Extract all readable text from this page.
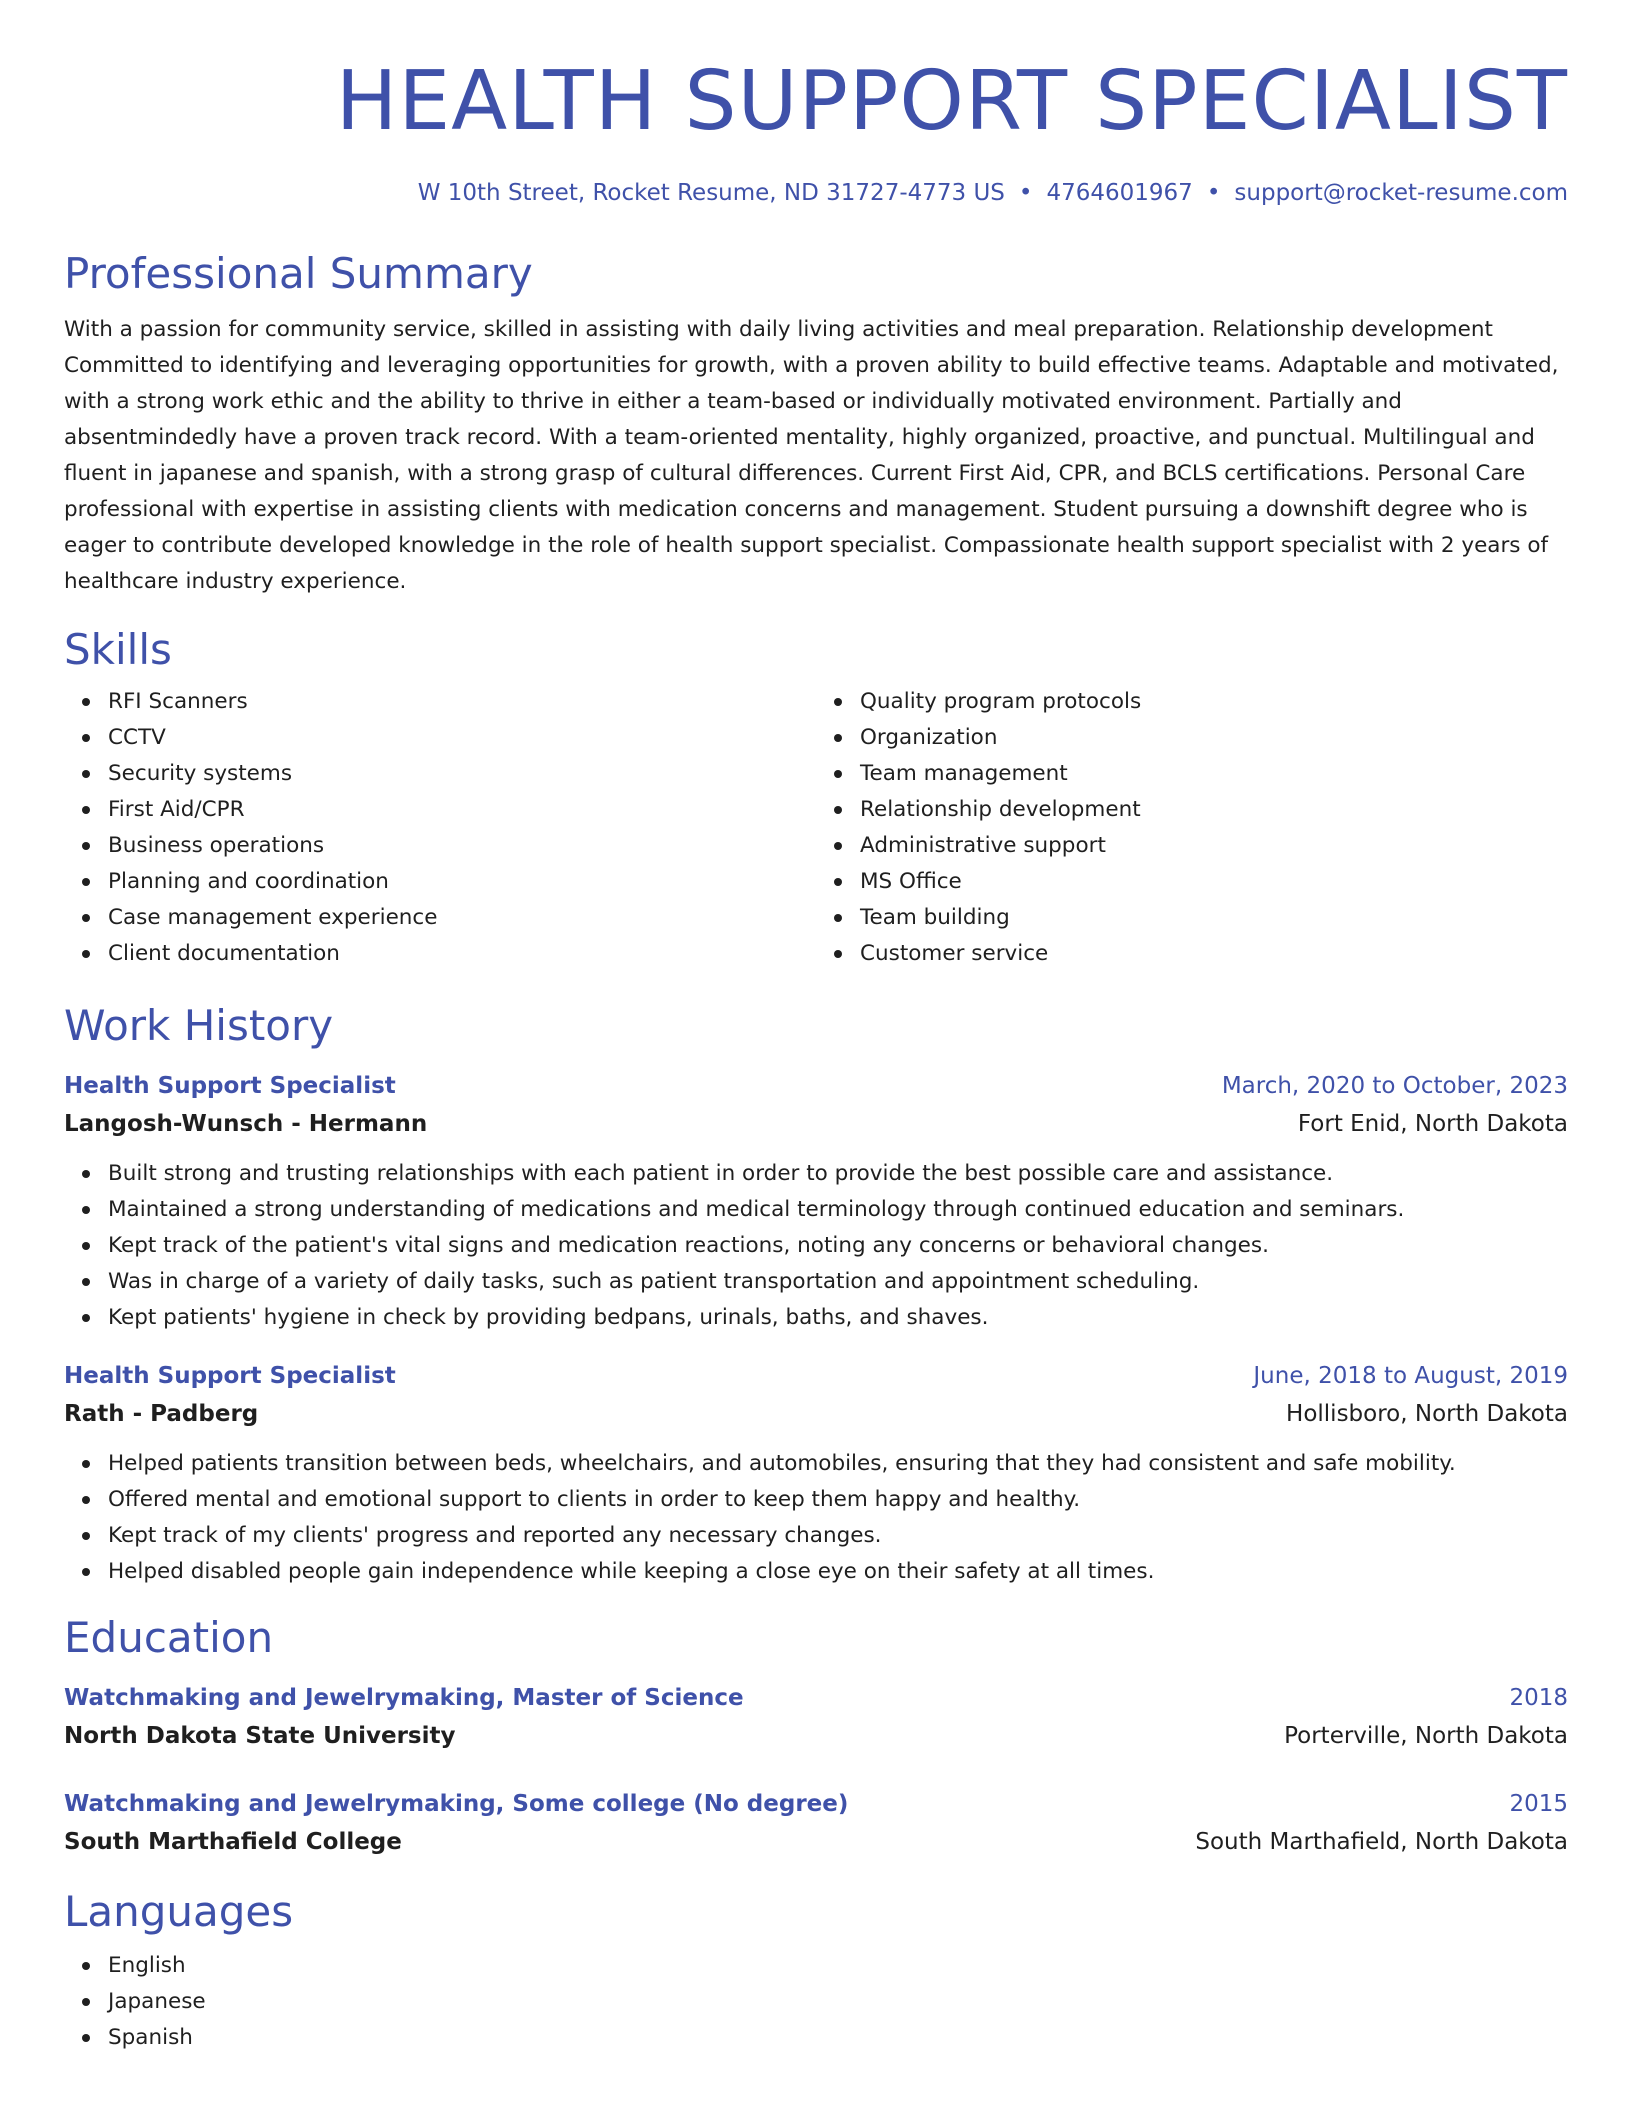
HEALTH SUPPORT SPECIALIST
W 10th Street, Rocket Resume, ND 31727-4773 US • 4764601967 • support@rocket-resume.com
Professional Summary
With a passion for community service, skilled in assisting with daily living activities and meal preparation. Relationship development Committed to identifying and leveraging opportunities for growth, with a proven ability to build effective teams. Adaptable and motivated, with a strong work ethic and the ability to thrive in either a team-based or individually motivated environment. Partially and absentmindedly have a proven track record. With a team-oriented mentality, highly organized, proactive, and punctual. Multilingual and fluent in japanese and spanish, with a strong grasp of cultural differences. Current First Aid, CPR, and BCLS certifications. Personal Care professional with expertise in assisting clients with medication concerns and management. Student pursuing a downshift degree who is eager to contribute developed knowledge in the role of health support specialist. Compassionate health support specialist with 2 years of healthcare industry experience.
Skills
RFI Scanners
CCTV
Security systems
First Aid/CPR
Business operations
Planning and coordination
Case management experience
Client documentation
Quality program protocols
Organization
Team management
Relationship development
Administrative support
MS Office
Team building
Customer service
Work History
Health Support Specialist	March, 2020 to October, 2023
Langosh-Wunsch - Hermann	Fort Enid, North Dakota
Built strong and trusting relationships with each patient in order to provide the best possible care and assistance.
Maintained a strong understanding of medications and medical terminology through continued education and seminars.
Kept track of the patient's vital signs and medication reactions, noting any concerns or behavioral changes.
Was in charge of a variety of daily tasks, such as patient transportation and appointment scheduling.
Kept patients' hygiene in check by providing bedpans, urinals, baths, and shaves.
Health Support Specialist	June, 2018 to August, 2019
Rath - Padberg	Hollisboro, North Dakota
Helped patients transition between beds, wheelchairs, and automobiles, ensuring that they had consistent and safe mobility.
Offered mental and emotional support to clients in order to keep them happy and healthy.
Kept track of my clients' progress and reported any necessary changes.
Helped disabled people gain independence while keeping a close eye on their safety at all times.
Education
Watchmaking and Jewelrymaking, Master of Science	2018
North Dakota State University	Porterville, North Dakota
Watchmaking and Jewelrymaking, Some college (No degree)	2015
South Marthafield College	South Marthafield, North Dakota
Languages
English
Japanese
Spanish
